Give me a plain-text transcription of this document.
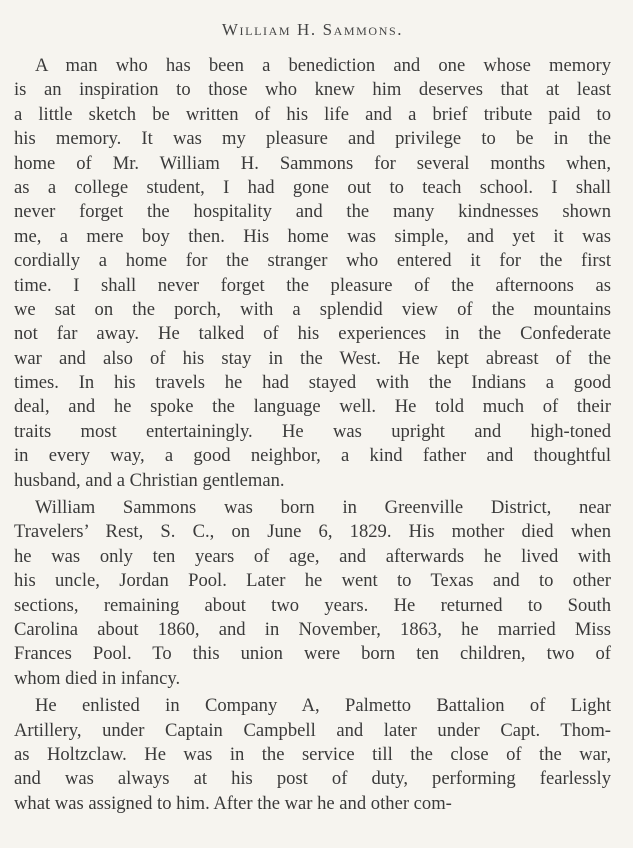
William H. Sammons.
A man who has been a benediction and one whose memory
is an inspiration to those who knew him deserves that at least
a little sketch be written of his life and a brief tribute paid to
his memory. It was my pleasure and privilege to be in the
home of Mr. William H. Sammons for several months when,
as a college student, I had gone out to teach school. I shall
never forget the hospitality and the many kindnesses shown
me, a mere boy then. His home was simple, and yet it was
cordially a home for the stranger who entered it for the first
time. I shall never forget the pleasure of the afternoons as
we sat on the porch, with a splendid view of the mountains
not far away. He talked of his experiences in the Confederate
war and also of his stay in the West. He kept abreast of the
times. In his travels he had stayed with the Indians a good
deal, and he spoke the language well. He told much of their
traits most entertainingly. He was upright and high-toned
in every way, a good neighbor, a kind father and thoughtful
husband, and a Christian gentleman.
William Sammons was born in Greenville District, near
Travelers’ Rest, S. C., on June 6, 1829. His mother died when
he was only ten years of age, and afterwards he lived with
his uncle, Jordan Pool. Later he went to Texas and to other
sections, remaining about two years. He returned to South
Carolina about 1860, and in November, 1863, he married Miss
Frances Pool. To this union were born ten children, two of
whom died in infancy.
He enlisted in Company A, Palmetto Battalion of Light
Artillery, under Captain Campbell and later under Capt. Thom-
as Holtzclaw. He was in the service till the close of the war,
and was always at his post of duty, performing fearlessly
what was assigned to him. After the war he and other com-
